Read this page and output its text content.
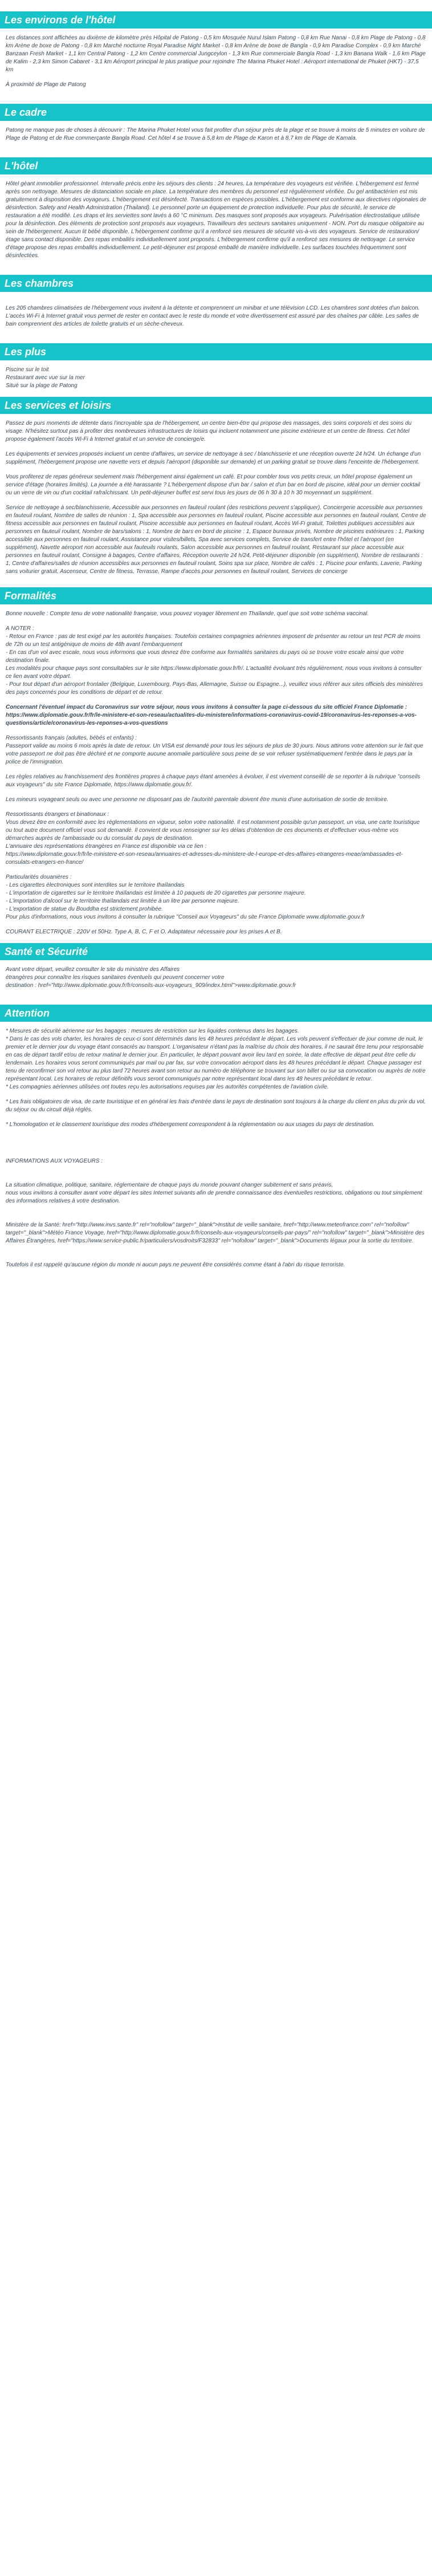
Les environs de l'hôtel
Les distances sont affichées au dixième de kilomètre près Hôpital de Patong - 0,5 km Mosquée Nurul Islam Patong - 0,8 km Rue Nanai - 0,8 km Plage de Patong - 0,8 km Arène de boxe de Patong - 0,8 km Marché nocturne Royal Paradise Night Market - 0,8 km Arène de boxe de Bangla - 0,9 km Paradise Complex - 0,9 km Marché Banzaan Fresh Market - 1,1 km Central Patong - 1,2 km Centre commercial Jungceylon - 1,3 km Rue commerciale Bangla Road - 1,3 km Banana Walk - 1,6 km Plage de Kalim - 2,3 km Simon Cabaret - 3,1 km Aéroport principal le plus pratique pour rejoindre The Marina Phuket Hotel : Aéroport international de Phuket (HKT) - 37,5 km
À proximité de Plage de Patong
Le cadre
Patong ne manque pas de choses à découvrir : The Marina Phuket Hotel vous fait profiter d'un séjour près de la plage et se trouve à moins de 5 minutes en voiture de Plage de Patong et de Rue commerçante Bangla Road. Cet hôtel 4 se trouve à 5,8 km de Plage de Karon et à 8,7 km de Plage de Kamala.
L'hôtel
Hôtel géant immobilier professionnel. Intervalle précis entre les séjours des clients : 24 heures. La température des voyageurs est vérifiée. L'hébergement est fermé après son nettoyage. Mesures de distanciation sociale en place. La température des membres du personnel est régulièrement vérifiée. Du gel antibactérien est mis gratuitement à disposition des voyageurs. L'hébergement est désinfecté. Transactions en espèces possibles. L'hébergement est conforme aux directives régionales de désinfection. Safety and Health Administration (Thailand). Le personnel porte un équipement de protection individuelle. Pour plus de sécurité, le service de restauration a été modifié. Les draps et les serviettes sont lavés à 60 °C minimum. Des masques sont proposés aux voyageurs. Pulvérisation électrostatique utilisée pour la désinfection. Des éléments de protection sont proposés aux voyageurs. Travailleurs des secteurs sanitaires uniquement - NON. Port du masque obligatoire au sein de l'hébergement. Aucun lit bébé disponible. L'hébergement confirme qu'il a renforcé ses mesures de sécurité vis-à-vis des voyageurs. Service de restauration/étage sans contact disponible. Des repas emballés individuellement sont proposés. L'hébergement confirme qu'il a renforcé ses mesures de nettoyage. Le service d'étage propose des repas emballés individuellement. Le petit-déjeuner est proposé emballé de manière individuelle. Les surfaces touchées fréquemment sont désinfectées.
Les chambres
Les 205 chambres climatisées de l'hébergement vous invitent à la détente et comprennent un minibar et une télévision LCD. Les chambres sont dotées d'un balcon. L'accès Wi-Fi à Internet gratuit vous permet de rester en contact avec le reste du monde et votre divertissement est assuré par des chaînes par câble. Les salles de bain comprennent des articles de toilette gratuits et un sèche-cheveux.
Les plus
Piscine sur le toit
Restaurant avec vue sur la mer
Situé sur la plage de Patong
Les services et loisirs
Passez de purs moments de détente dans l'incroyable spa de l'hébergement, un centre bien-être qui propose des massages, des soins corporels et des soins du visage. N'hésitez surtout pas à profiter des nombreuses infrastructures de loisirs qui incluent notamment une piscine extérieure et un centre de fitness. Cet hôtel propose également l'accès Wi-Fi à Internet gratuit et un service de concierge/e.
Les équipements et services proposés incluent un centre d'affaires, un service de nettoyage à sec / blanchisserie et une réception ouverte 24 h/24. Un échange d'un supplément, l'hébergement propose une navette vers et depuis l'aéroport (disponible sur demande) et un parking gratuit se trouve dans l'enceinte de l'hébergement.
Vous profiterez de repas généreux seulement mais l'hébergement ainsi également un café. Et pour combler tous vos petits creux, un hôtel propose également un service d'étage (horaires limités). La journée a été harassante ? L'hébergement dispose d'un bar / salon et d'un bar en bord de piscine, idéal pour un dernier cocktail ou un verre de vin ou d'un cocktail rafraîchissant. Un petit-déjeuner buffet est servi tous les jours de 06 h 30 à 10 h 30 moyennant un supplément.
Service de nettoyage à sec/blanchisserie, Accessible aux personnes en fauteuil roulant (des restrictions peuvent s'appliquer), Conciergerie accessible aux personnes en fauteuil roulant, Nombre de salles de réunion : 1, Spa accessible aux personnes en fauteuil roulant, Piscine accessible aux personnes en fauteuil roulant, Centre de fitness accessible aux personnes en fauteuil roulant, Piscine accessible aux personnes en fauteuil roulant, Accès Wi-Fi gratuit, Toilettes publiques accessibles aux personnes en fauteuil roulant, Nombre de bars/salons : 1, Nombre de bars en bord de piscine : 1, Espace bureaux privés, Nombre de piscines extérieures : 1, Parking accessible aux personnes en fauteuil roulant, Assistance pour visites/billets, Spa avec services complets, Service de transfert entre l'hôtel et l'aéroport (en supplément), Navette aéroport non accessible aux fauteuils roulants, Salon accessible aux personnes en fauteuil roulant, Restaurant sur place accessible aux personnes en fauteuil roulant, Consigne à bagages, Centre d'affaires, Réception ouverte 24 h/24, Petit-déjeuner disponible (en supplément), Nombre de restaurants : 1, Centre d'affaires/salles de réunion accessibles aux personnes en fauteuil roulant, Soins spa sur place, Nombre de cafés : 1, Piscine pour enfants, Laverie, Parking sans voiturier gratuit, Ascenseur, Centre de fitness, Terrasse, Rampe d'accès pour personnes en fauteuil roulant, Services de concierge
Formalités
Bonne nouvelle : Compte tenu de votre nationalité française, vous pouvez voyager librement en Thaïlande, quel que soit votre schéma vaccinal.
A NOTER :
- Retour en France : pas de test exigé par les autorités françaises. Toutefois certaines compagnies aériennes imposent de présenter au retour un test PCR de moins de 72h ou un test antigénique de moins de 48h avant l'embarquement
- En cas d'un vol avec escale, nous vous informons que vous devrez être conforme aux formalités sanitaires du pays où se trouve votre escale ainsi que votre destination finale.
Les modalités pour chaque pays sont consultables sur le site https://www.diplomatie.gouv.fr/fr/. L'actualité évoluant très régulièrement, nous vous invitons à consulter ce lien avant votre départ.
- Pour tout départ d'un aéroport frontalier (Belgique, Luxembourg, Pays-Bas, Allemagne, Suisse ou Espagne...), veuillez vous référer aux sites officiels des ministères des pays concernés pour les conditions de départ et de retour.
Concernant l'éventuel impact du Coronavirus sur votre séjour, nous vous invitons à consulter la page ci-dessous du site officiel France Diplomatie :
https://www.diplomatie.gouv.fr/fr/le-ministere-et-son-reseau/actualites-du-ministere/informations-coronavirus-covid-19/coronavirus-les-reponses-a-vos-questions/article/coronavirus-les-reponses-a-vos-questions
Ressortissants français (adultes, bébés et enfants) :
Passeport valide au moins 6 mois après la date de retour. Un VISA est demandé pour tous les séjours de plus de 30 jours. Nous attirons votre attention sur le fait que votre passeport ne doit pas être déchiré et ne comporte aucune anomalie particulière sous peine de se voir refuser systématiquement l'entrée dans le pays par la police de l'immigration.
Les règles relatives au franchissement des frontières propres à chaque pays étant amenées à évoluer, il est vivement conseillé de se reporter à la rubrique "conseils aux voyageurs" du site France Diplomatie, https://www.diplomatie.gouv.fr/.
Les mineurs voyageant seuls ou avec une personne ne disposant pas de l'autorité parentale doivent être munis d'une autorisation de sortie de territoire.
Ressortissants étrangers et binationaux :
Vous devez être en conformité avec les réglementations en vigueur, selon votre nationalité. Il est notamment possible qu'un passeport, un visa, une carte touristique ou tout autre document officiel vous soit demandé. Il convient de vous renseigner sur les délais d'obtention de ces documents et d'effectuer vous-même vos démarches auprès de l'ambassade ou du consulat du pays de destination.
L'annuaire des représentations étrangères en France est disponible via ce lien :
https://www.diplomatie.gouv.fr/fr/le-ministere-et-son-reseau/annuaires-et-adresses-du-ministere-de-l-europe-et-des-affaires-etrangeres-meae/ambassades-et-consulats-etrangers-en-france/
Particularités douanières :
- Les cigarettes électroniques sont interdites sur le territoire thaïlandais
- L'importation de cigarettes sur le territoire thaïlandais est limitée à 10 paquets de 20 cigarettes par personne majeure.
- L'importation d'alcool sur le territoire thaïlandais est limitée à un litre par personne majeure.
- L'exportation de statue du Bouddha est strictement prohibée.
Pour plus d'informations, nous vous invitons à consulter la rubrique "Conseil aux Voyageurs" du site France Diplomatie www.diplomatie.gouv.fr
COURANT ELECTRIQUE : 220V et 50Hz. Type A, B, C, F et O. Adaptateur nécessaire pour les prises A et B.
Santé et Sécurité
Avant votre départ, veuillez consulter le site du ministère des Affaires
étrangères pour connaître les risques sanitaires éventuels qui peuvent concerner votre
destination : href="http://www.diplomatie.gouv.fr/fr/conseils-aux-voyageurs_909/index.html">www.diplomatie.gouv.fr
Attention
* Mesures de sécurité aérienne sur les bagages : mesures de restriction sur les liquides contenus dans les bagages.
* Dans le cas des vols charter, les horaires de ceux-ci sont déterminés dans les 48 heures précédant le départ. Les vols peuvent s'effectuer de jour comme de nuit, le premier et le dernier jour du voyage étant consacrés au transport. L'organisateur n'étant pas la maîtrise du choix des horaires, il ne saurait être tenu pour responsable en cas de départ tardif et/ou de retour matinal le dernier jour. En particulier, le départ pouvant avoir lieu tard en soirée, la date effective de départ peut être celle du lendemain. Les horaires vous seront communiqués par mail ou par fax, sur votre convocation aéroport dans les 48 heures précédant le départ. Chaque passager est tenu de reconfirmer son vol retour au plus tard 72 heures avant son retour au numéro de téléphone se trouvant sur son billet ou sur sa convocation ou auprès de notre représentant local. Les horaires de retour définitifs vous seront communiqués par notre représentant local dans les 48 heures précédant le retour.
* Les compagnies aériennes utilisées ont toutes reçu les autorisations requises par les autorités compétentes de l'aviation civile.
* Les frais obligatoires de visa, de carte touristique et en général les frais d'entrée dans le pays de destination sont toujours à la charge du client en plus du prix du vol, du séjour ou du circuit déjà réglés.
* L'homologation et le classement touristique des modes d'hébergement correspondent à la réglementation ou aux usages du pays de destination.
INFORMATIONS AUX VOYAGEURS :
La situation climatique, politique, sanitaire, réglementaire de chaque pays du monde pouvant changer subitement et sans préavis,
nous vous invitons à consulter avant votre départ les sites Internet suivants afin de prendre connaissance des éventuelles restrictions, obligations ou tout simplement des informations relatives à votre destination.
Ministère de la Santé: href="http://www.invs.sante.fr" rel="nofollow" target="_blank">Institut de veille sanitaire, href="http://www.meteofrance.com" rel="nofollow" target="_blank">Météo France Voyage, href="http://www.diplomatie.gouv.fr/fr/conseils-aux-voyageurs/conseils-par-pays/" rel="nofollow" target="_blank">Ministère des Affaires Étrangères, href="https://www.service-public.fr/particuliers/vosdroits/F32833" rel="nofollow" target="_blank">Documents légaux pour la sortie du territoire.
Toutefois il est rappelé qu'aucune région du monde ni aucun pays ne peuvent être considérés comme étant à l'abri du risque terroriste.
